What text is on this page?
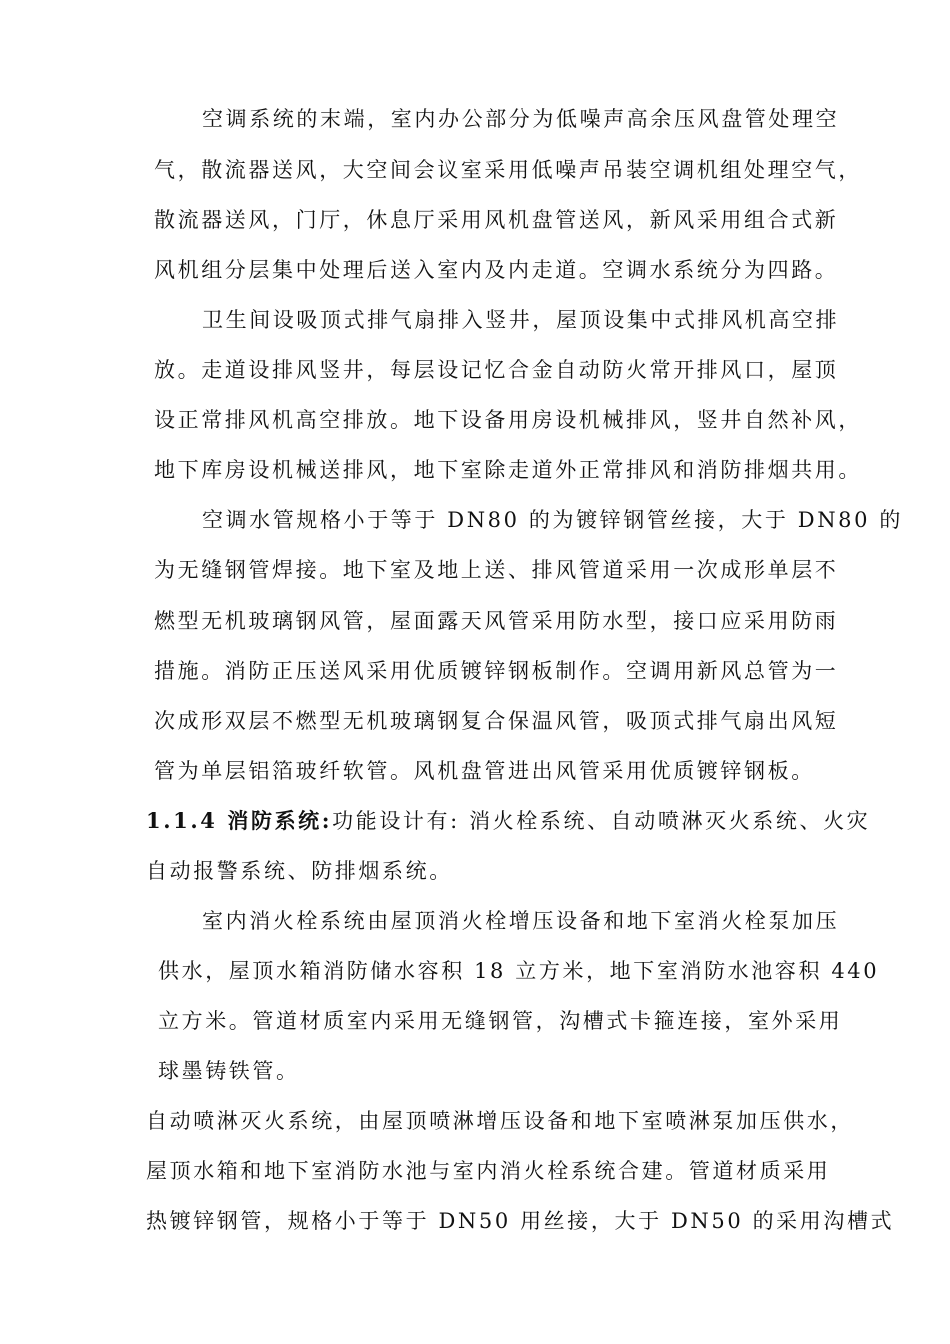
空调系统的末端，室内办公部分为低噪声高余压风盘管处理空
气，散流器送风，大空间会议室采用低噪声吊装空调机组处理空气，
散流器送风，门厅，休息厅采用风机盘管送风，新风采用组合式新
风机组分层集中处理后送入室内及内走道。空调水系统分为四路。
卫生间设吸顶式排气扇排入竖井，屋顶设集中式排风机高空排
放。走道设排风竖井，每层设记忆合金自动防火常开排风口，屋顶
设正常排风机高空排放。地下设备用房设机械排风，竖井自然补风，
地下库房设机械送排风，地下室除走道外正常排风和消防排烟共用。
空调水管规格小于等于 DN80 的为镀锌钢管丝接，大于 DN80 的
为无缝钢管焊接。地下室及地上送、排风管道采用一次成形单层不
燃型无机玻璃钢风管，屋面露天风管采用防水型，接口应采用防雨
措施。消防正压送风采用优质镀锌钢板制作。空调用新风总管为一
次成形双层不燃型无机玻璃钢复合保温风管，吸顶式排气扇出风短
管为单层铝箔玻纤软管。风机盘管进出风管采用优质镀锌钢板。
1.1.4 消防系统:功能设计有: 消火栓系统、自动喷淋灭火系统、火灾
自动报警系统、防排烟系统。
室内消火栓系统由屋顶消火栓增压设备和地下室消火栓泵加压
供水，屋顶水箱消防储水容积 18 立方米，地下室消防水池容积 440
立方米。管道材质室内采用无缝钢管，沟槽式卡箍连接，室外采用
球墨铸铁管。
自动喷淋灭火系统，由屋顶喷淋增压设备和地下室喷淋泵加压供水，
屋顶水箱和地下室消防水池与室内消火栓系统合建。管道材质采用
热镀锌钢管，规格小于等于 DN50 用丝接，大于 DN50 的采用沟槽式
